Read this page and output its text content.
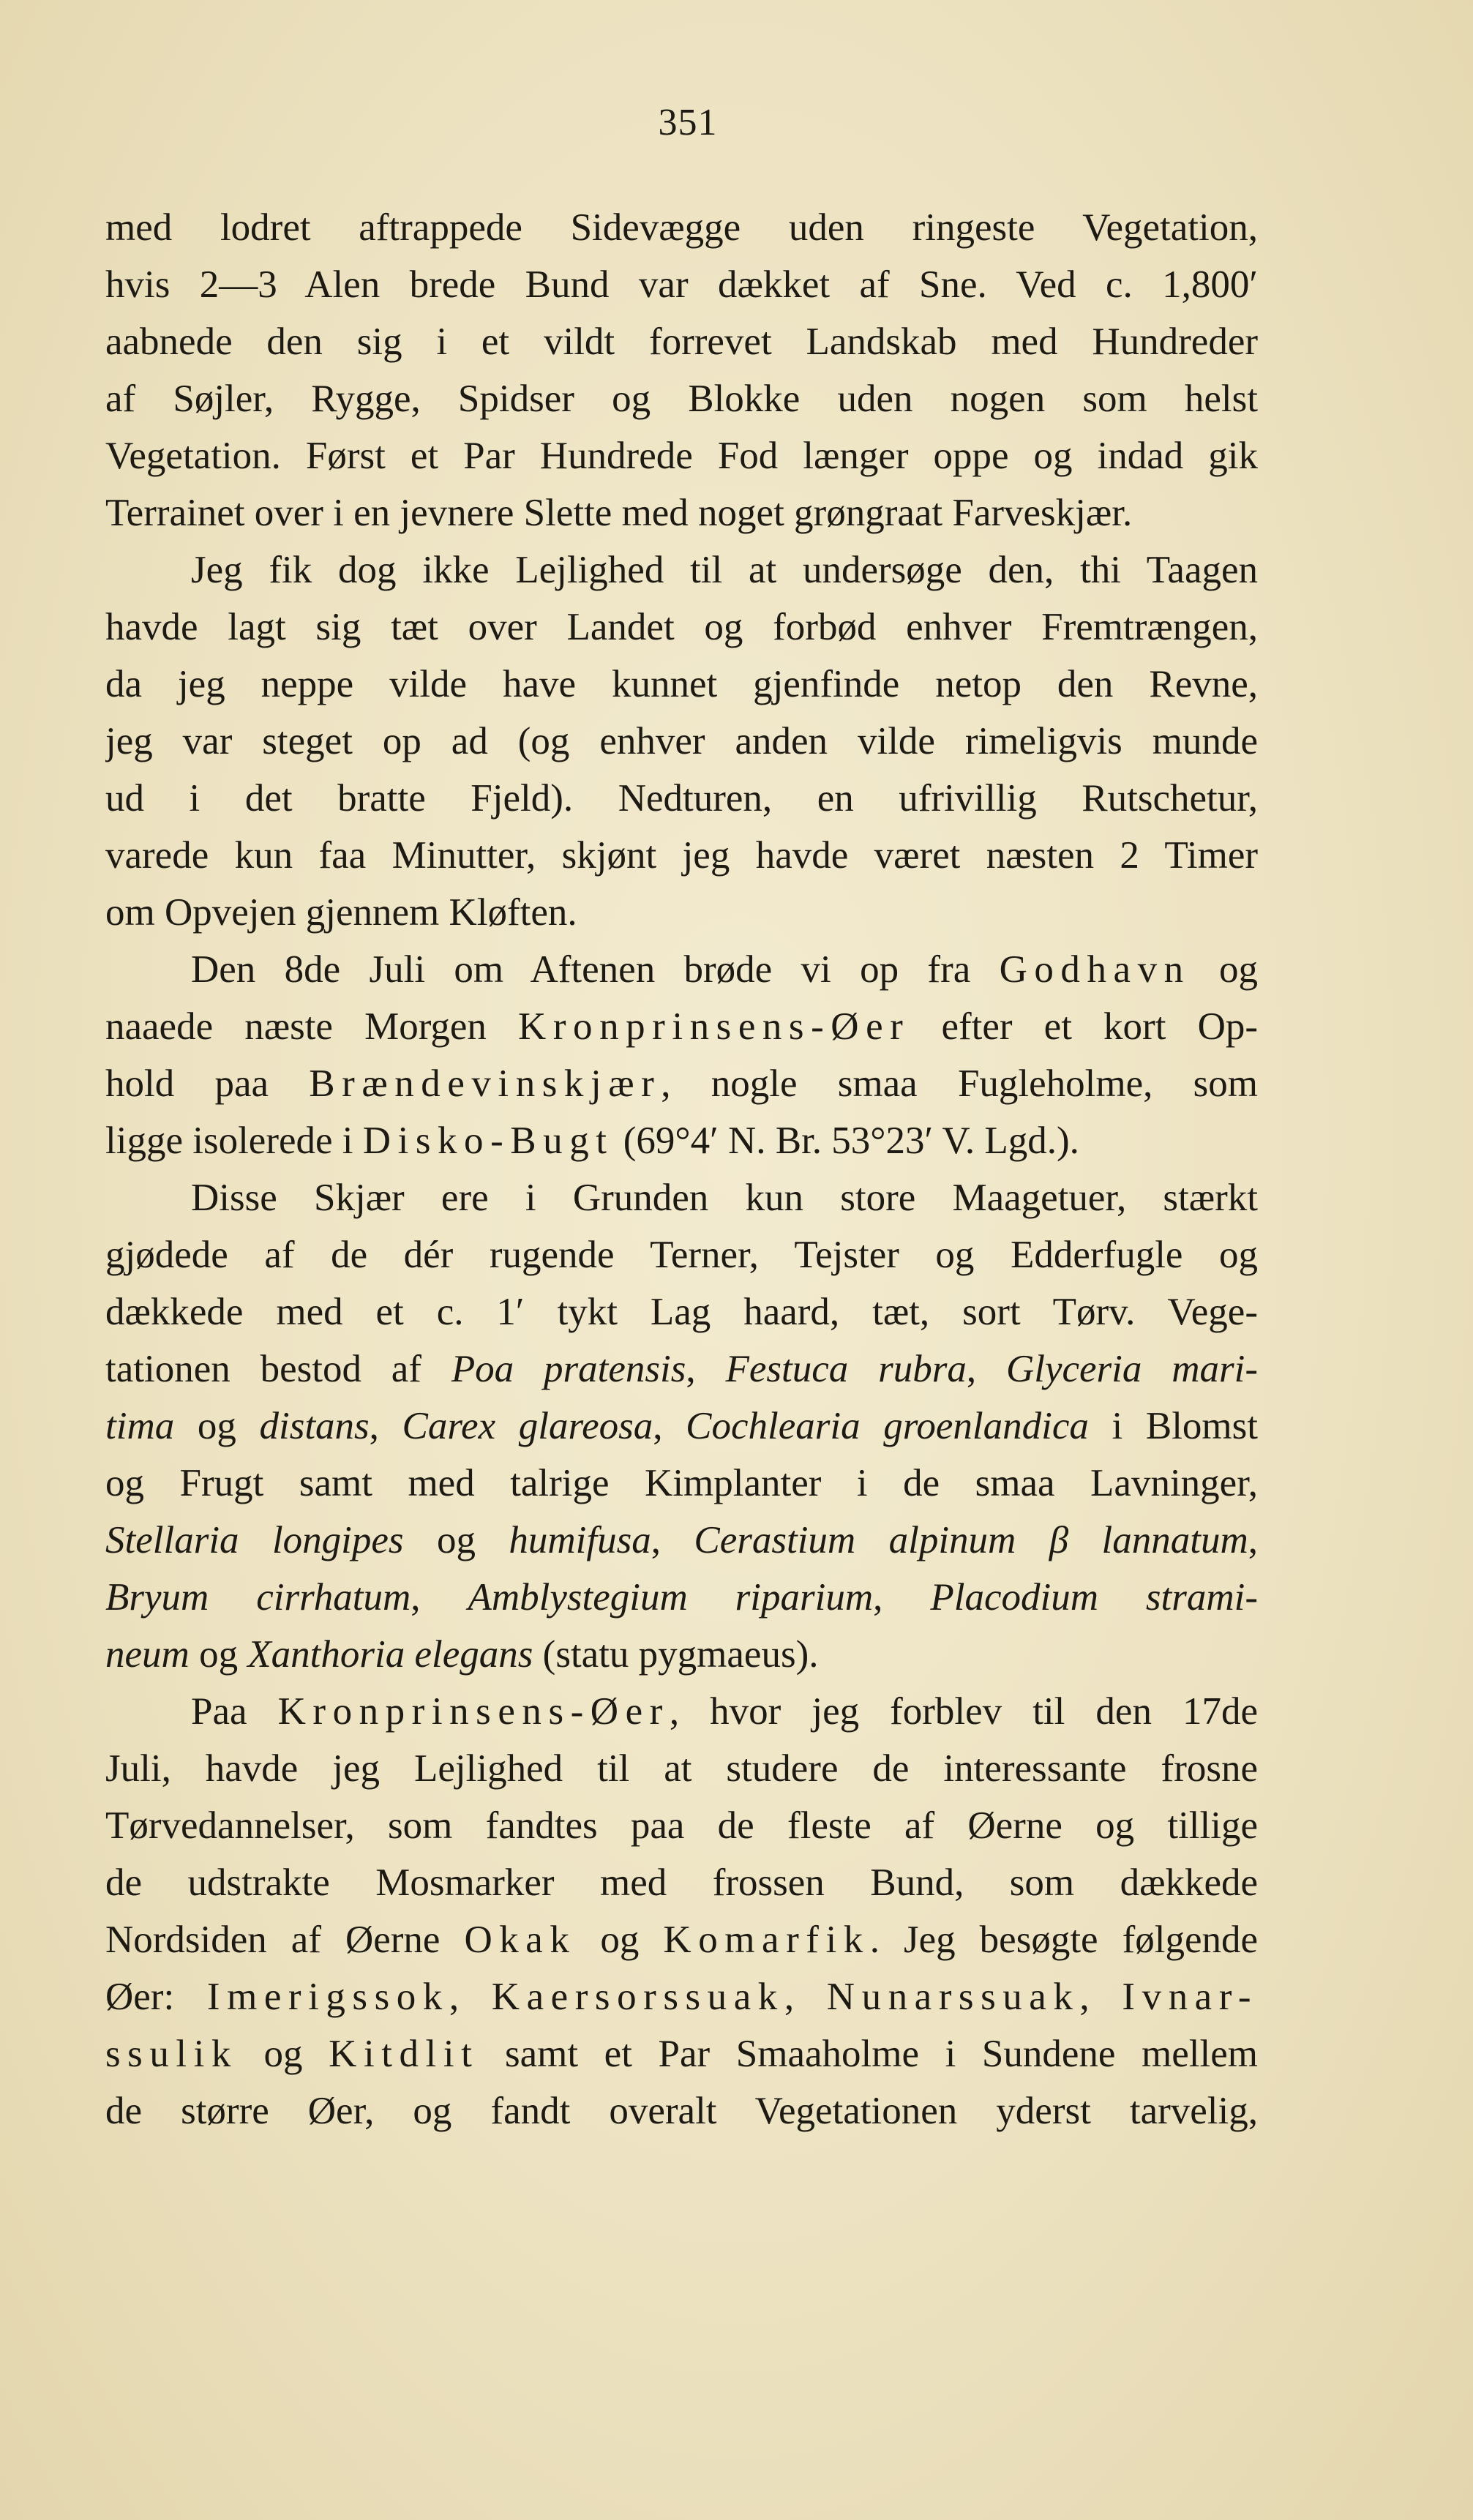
351
med lodret aftrappede Sidevægge uden ringeste Vegetation,
hvis 2—3 Alen brede Bund var dækket af Sne. Ved c. 1,800′
aabnede den sig i et vildt forrevet Landskab med Hundreder
af Søjler, Rygge, Spidser og Blokke uden nogen som helst
Vegetation. Først et Par Hundrede Fod længer oppe og indad gik
Terrainet over i en jevnere Slette med noget grøngraat Farveskjær.
Jeg fik dog ikke Lejlighed til at undersøge den, thi Taagen
havde lagt sig tæt over Landet og forbød enhver Fremtrængen,
da jeg neppe vilde have kunnet gjenfinde netop den Revne,
jeg var steget op ad (og enhver anden vilde rimeligvis munde
ud i det bratte Fjeld). Nedturen, en ufrivillig Rutschetur,
varede kun faa Minutter, skjønt jeg havde været næsten 2 Timer
om Opvejen gjennem Kløften.
Den 8de Juli om Aftenen brøde vi op fra Godhavn og
naaede næste Morgen Kronprinsens-Øer efter et kort Op-
hold paa Brændevinskjær, nogle smaa Fugleholme, som
ligge isolerede i Disko-Bugt (69°4′ N. Br. 53°23′ V. Lgd.).
Disse Skjær ere i Grunden kun store Maagetuer, stærkt
gjødede af de dér rugende Terner, Tejster og Edderfugle og
dækkede med et c. 1′ tykt Lag haard, tæt, sort Tørv. Vege-
tationen bestod af Poa pratensis, Festuca rubra, Glyceria mari-
tima og distans, Carex glareosa, Cochlearia groenlandica i Blomst
og Frugt samt med talrige Kimplanter i de smaa Lavninger,
Stellaria longipes og humifusa, Cerastium alpinum β lannatum,
Bryum cirrhatum, Amblystegium riparium, Placodium strami-
neum og Xanthoria elegans (statu pygmaeus).
Paa Kronprinsens-Øer, hvor jeg forblev til den 17de
Juli, havde jeg Lejlighed til at studere de interessante frosne
Tørvedannelser, som fandtes paa de fleste af Øerne og tillige
de udstrakte Mosmarker med frossen Bund, som dækkede
Nordsiden af Øerne Okak og Komarfik. Jeg besøgte følgende
Øer: Imerigssok, Kaersorssuak, Nunarssuak, Ivnar-
ssulik og Kitdlit samt et Par Smaaholme i Sundene mellem
de større Øer, og fandt overalt Vegetationen yderst tarvelig,
